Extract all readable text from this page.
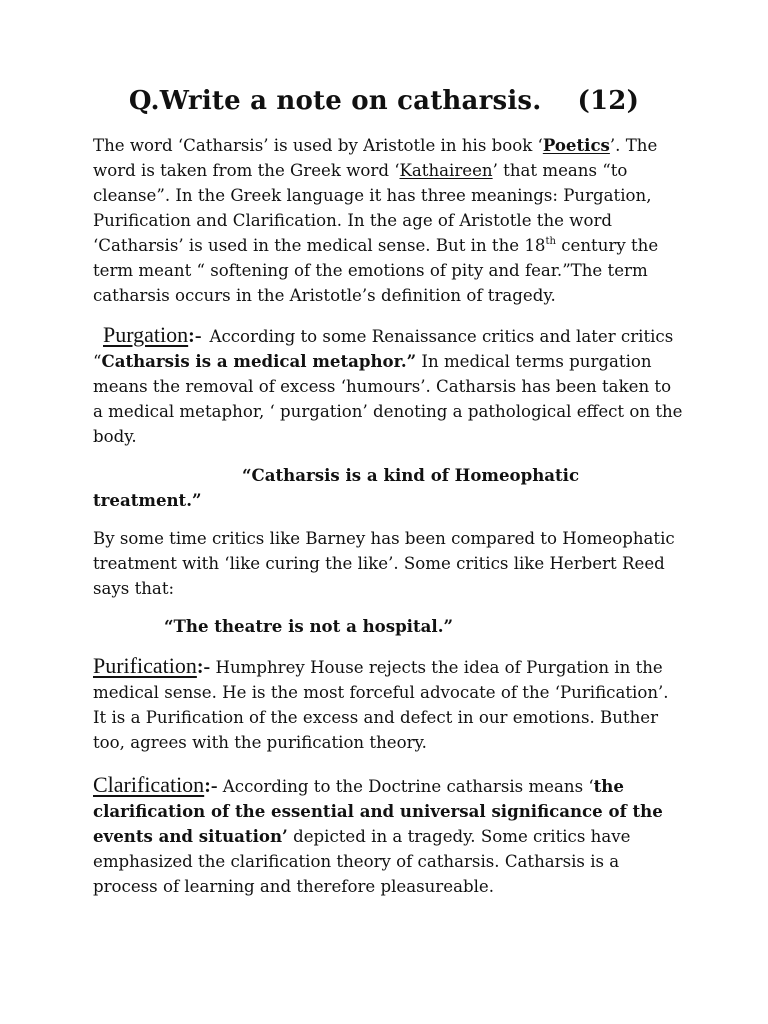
Q.Write a note on catharsis. (12)
The word ‘Catharsis’ is used by Aristotle in his book ‘Poetics’. The word is taken from the Greek word ‘Kathaireen’ that means “to cleanse”. In the Greek language it has three meanings: Purgation, Purification and Clarification. In the age of Aristotle the word ‘Catharsis’ is used in the medical sense. But in the 18th century the term meant “ softening of the emotions of pity and fear.”The term catharsis occurs in the Aristotle’s definition of tragedy.
Purgation:- According to some Renaissance critics and later critics “Catharsis is a medical metaphor.” In medical terms purgation means the removal of excess ‘humours’. Catharsis has been taken to a medical metaphor, ‘ purgation’ denoting a pathological effect on the body.
“Catharsis is a kind of Homeophatic
treatment.”
By some time critics like Barney has been compared to Homeophatic treatment with ‘like curing the like’. Some critics like Herbert Reed says that:
“The theatre is not a hospital.”
Purification:- Humphrey House rejects the idea of Purgation in the medical sense. He is the most forceful advocate of the ‘Purification’. It is a Purification of the excess and defect in our emotions. Buther too, agrees with the purification theory.
Clarification:- According to the Doctrine catharsis means ‘the clarification of the essential and universal significance of the events and situation’ depicted in a tragedy. Some critics have emphasized the clarification theory of catharsis. Catharsis is a process of learning and therefore pleasureable.
